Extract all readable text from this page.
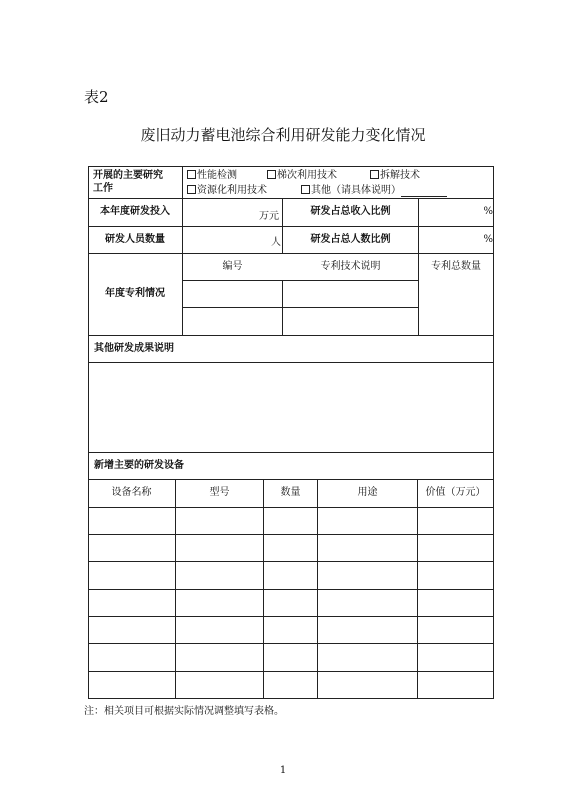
表2
废旧动力蓄电池综合利用研发能力变化情况
开展的主要研究
工作
性能检测	梯次利用技术	拆解技术
资源化利用技术	其他（请具体说明）
本年度研发投入	万元	研发占总收入比例	%
研发人员数量	人	研发占总人数比例	%
年度专利情况
编号	专利技术说明	专利总数量
其他研发成果说明
新增主要的研发设备
设备名称	型号	数量	用途	价值（万元）
注：相关项目可根据实际情况调整填写表格。
1
